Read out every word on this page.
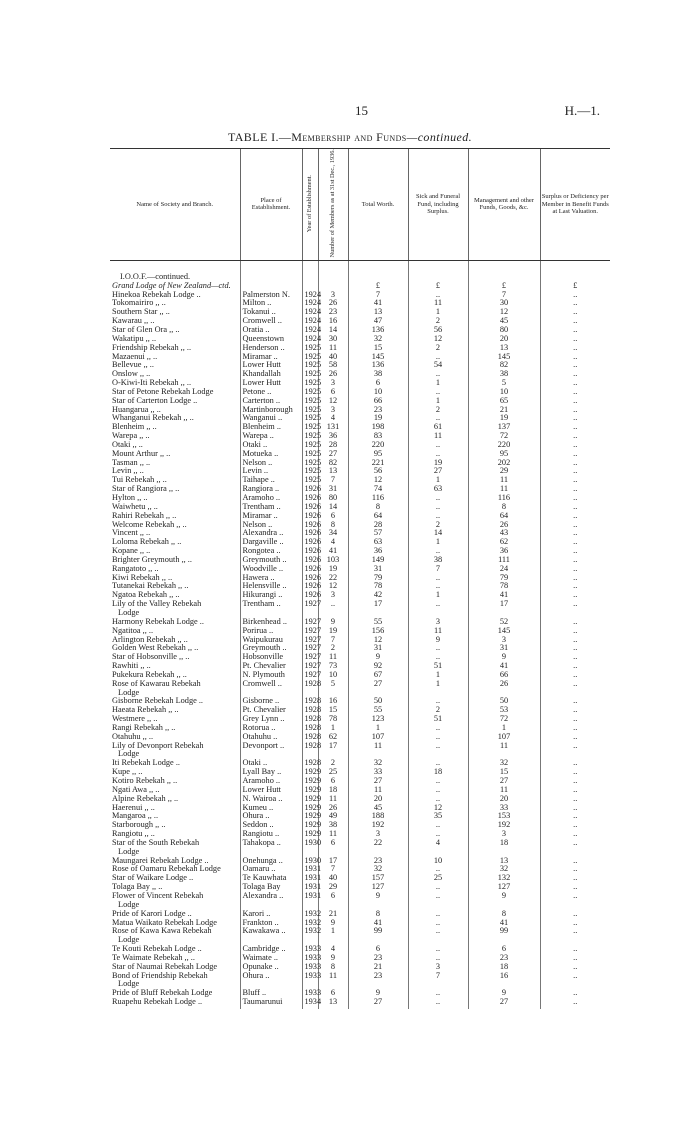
15	H.—1.
TABLE I.—Membership and Funds—continued.
Name of Society and Branch.	Place of Establishment.	Year of Establishment.	Number of Members as at 31st Dec., 1936.	Total Worth.	Sick and Funeral Fund, including Surplus.	Management and other Funds, Goods, &c.	Surplus or Deficiency per Member in Benefit Funds at Last Valuation.
I.O.O.F.—continued.							
Grand Lodge of New Zealand—ctd.				£	£	£	£
Hinekoa Rebekah Lodge ..	Palmerston N.	1924	3	7	..	7	..
Tokomairiro ,, ..	Milton ..	1924	26	41	11	30	..
Southern Star ,, ..	Tokanui ..	1924	23	13	1	12	..
Kawarau ,, ..	Cromwell ..	1924	16	47	2	45	..
Star of Glen Ora ,, ..	Oratia ..	1924	14	136	56	80	..
Wakatipu ,, ..	Queenstown	1924	30	32	12	20	..
Friendship Rebekah ,, ..	Henderson ..	1925	11	15	2	13	..
Mazaenui ,, ..	Miramar ..	1925	40	145	..	145	..
Bellevue ,, ..	Lower Hutt	1925	58	136	54	82	..
Onslow ,, ..	Khandallah	1925	26	38	..	38	..
O-Kiwi-Iti Rebekah ,, ..	Lower Hutt	1925	3	6	1	5	..
Star of Petone Rebekah Lodge	Petone ..	1925	6	10	..	10	..
Star of Carterton Lodge ..	Carterton ..	1925	12	66	1	65	..
Huangarua ,, ..	Martinborough	1925	3	23	2	21	..
Whanganui Rebekah ,, ..	Wanganui ..	1925	4	19	..	19	..
Blenheim ,, ..	Blenheim ..	1925	131	198	61	137	..
Warepa ,, ..	Warepa ..	1925	36	83	11	72	..
Otaki ,, ..	Otaki ..	1925	28	220	..	220	..
Mount Arthur ,, ..	Motueka ..	1925	27	95	..	95	..
Tasman ,, ..	Nelson ..	1925	82	221	19	202	..
Levin ,, ..	Levin ..	1925	13	56	27	29	..
Tui Rebekah ,, ..	Taihape ..	1925	7	12	1	11	..
Star of Rangiora ,, ..	Rangiora ..	1926	31	74	63	11	..
Hylton ,, ..	Aramoho ..	1926	80	116	..	116	..
Waiwhetu ,, ..	Trentham ..	1926	14	8	..	8	..
Rahiri Rebekah ,, ..	Miramar ..	1926	6	64	..	64	..
Welcome Rebekah ,, ..	Nelson ..	1926	8	28	2	26	..
Vincent ,, ..	Alexandra ..	1926	34	57	14	43	..
Loloma Rebekah ,, ..	Dargaville ..	1926	4	63	1	62	..
Kopane ,, ..	Rongotea ..	1926	41	36	..	36	..
Brighter Greymouth ,, ..	Greymouth ..	1926	103	149	38	111	..
Rangatoto ,, ..	Woodville ..	1926	19	31	7	24	..
Kiwi Rebekah ,, ..	Hawera ..	1926	22	79	..	79	..
Tutanekai Rebekah ,, ..	Helensville ..	1926	12	78	..	78	..
Ngatoa Rebekah ,, ..	Hikurangi ..	1926	3	42	1	41	..
Lily of the Valley Rebekah	Trentham ..	1927	..	17	..	17	..
Lodge							
Harmony Rebekah Lodge ..	Birkenhead ..	1927	9	55	3	52	..
Ngatitoa ,, ..	Porirua ..	1927	19	156	11	145	..
Arlington Rebekah ,, ..	Waipukurau	1927	7	12	9	3	..
Golden West Rebekah ,, ..	Greymouth ..	1927	2	31	..	31	..
Star of Hobsonville ,, ..	Hobsonville	1927	11	9	..	9	..
Rawhiti ,, ..	Pt. Chevalier	1927	73	92	51	41	..
Pukekura Rebekah ,, ..	N. Plymouth	1927	10	67	1	66	..
Rose of Kawarau Rebekah	Cromwell ..	1928	5	27	1	26	..
Lodge							
Gisborne Rebekah Lodge ..	Gisborne ..	1928	16	50	..	50	..
Haeata Rebekah ,, ..	Pt. Chevalier	1928	15	55	2	53	..
Westmere ,, ..	Grey Lynn ..	1928	78	123	51	72	..
Rangi Rebekah ,, ..	Rotorua ..	1928	1	1	..	1	..
Otahuhu ,, ..	Otahuhu ..	1928	62	107	..	107	..
Lily of Devonport Rebekah	Devonport ..	1928	17	11	..	11	..
Lodge							
Iti Rebekah Lodge ..	Otaki ..	1928	2	32	..	32	..
Kupe ,, ..	Lyall Bay ..	1929	25	33	18	15	..
Kotiro Rebekah ,, ..	Aramoho ..	1929	6	27	..	27	..
Ngati Awa ,, ..	Lower Hutt	1929	18	11	..	11	..
Alpine Rebekah ,, ..	N. Wairoa ..	1929	11	20	..	20	..
Haerenui ,, ..	Kumeu ..	1929	26	45	12	33	..
Mangaroa ,, ..	Ohura ..	1929	49	188	35	153	..
Starborough ,, ..	Seddon ..	1929	38	192	..	192	..
Rangiotu ,, ..	Rangiotu ..	1929	11	3	..	3	..
Star of the South Rebekah	Tahakopa ..	1930	6	22	4	18	..
Lodge							
Maungarei Rebekah Lodge ..	Onehunga ..	1930	17	23	10	13	..
Rose of Oamaru Rebekah Lodge	Oamaru ..	1931	7	32	..	32	..
Star of Waikare Lodge ..	Te Kauwhata	1931	40	157	25	132	..
Tolaga Bay ,, ..	Tolaga Bay	1931	29	127	..	127	..
Flower of Vincent Rebekah	Alexandra ..	1931	6	9	..	9	..
Lodge							
Pride of Karori Lodge ..	Karori ..	1932	21	8	..	8	..
Matua Waikato Rebekah Lodge	Frankton ..	1932	9	41	..	41	..
Rose of Kawa Kawa Rebekah	Kawakawa ..	1932	1	99	..	99	..
Lodge							
Te Kouti Rebekah Lodge ..	Cambridge ..	1933	4	6	..	6	..
Te Waimate Rebekah ,, ..	Waimate ..	1933	9	23	..	23	..
Star of Naumai Rebekah Lodge	Opunake ..	1933	8	21	3	18	..
Bond of Friendship Rebekah	Ohura ..	1933	11	23	7	16	..
Lodge							
Pride of Bluff Rebekah Lodge	Bluff ..	1933	6	9	..	9	..
Ruapehu Rebekah Lodge ..	Taumarunui	1934	13	27	..	27	..
